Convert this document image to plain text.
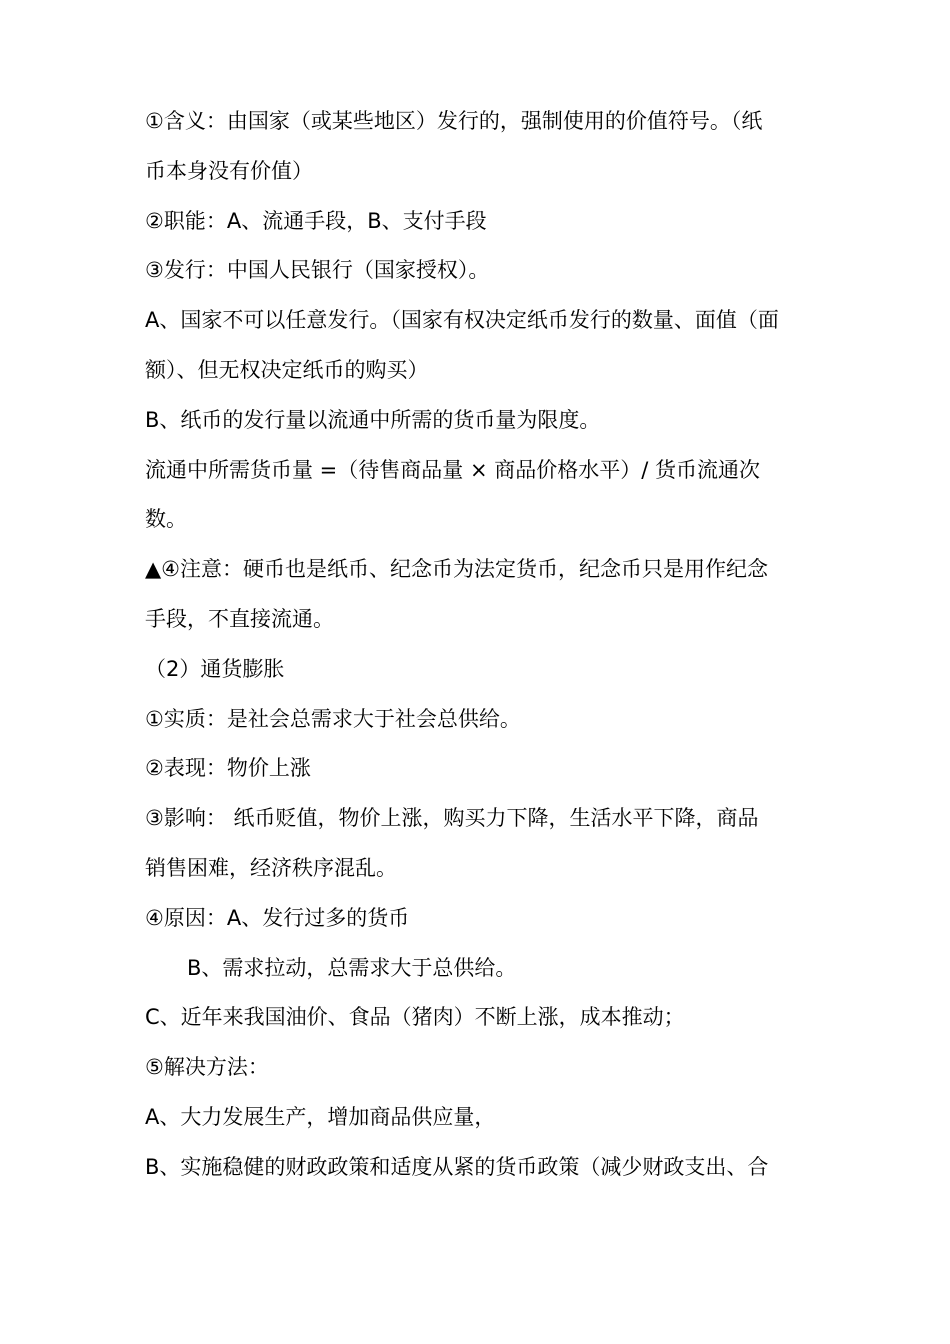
①含义：由国家（或某些地区）发行的，强制使用的价值符号。（纸
币本身没有价值）
②职能：A、流通手段，B、支付手段
③发行：中国人民银行（国家授权）。
A、国家不可以任意发行。（国家有权决定纸币发行的数量、面值（面
额）、但无权决定纸币的购买）
B、纸币的发行量以流通中所需的货币量为限度。
流通中所需货币量 =（待售商品量 × 商品价格水平）/ 货币流通次
数。
▲④注意：硬币也是纸币、纪念币为法定货币，纪念币只是用作纪念
手段，不直接流通。
（2）通货膨胀
①实质：是社会总需求大于社会总供给。
②表现：物价上涨
③影响： 纸币贬值，物价上涨，购买力下降，生活水平下降，商品
销售困难，经济秩序混乱。
④原因：A、发行过多的货币
B、需求拉动，总需求大于总供给。
C、近年来我国油价、食品（猪肉）不断上涨，成本推动；
⑤解决方法：
A、大力发展生产，增加商品供应量，
B、实施稳健的财政政策和适度从紧的货币政策（减少财政支出、合
